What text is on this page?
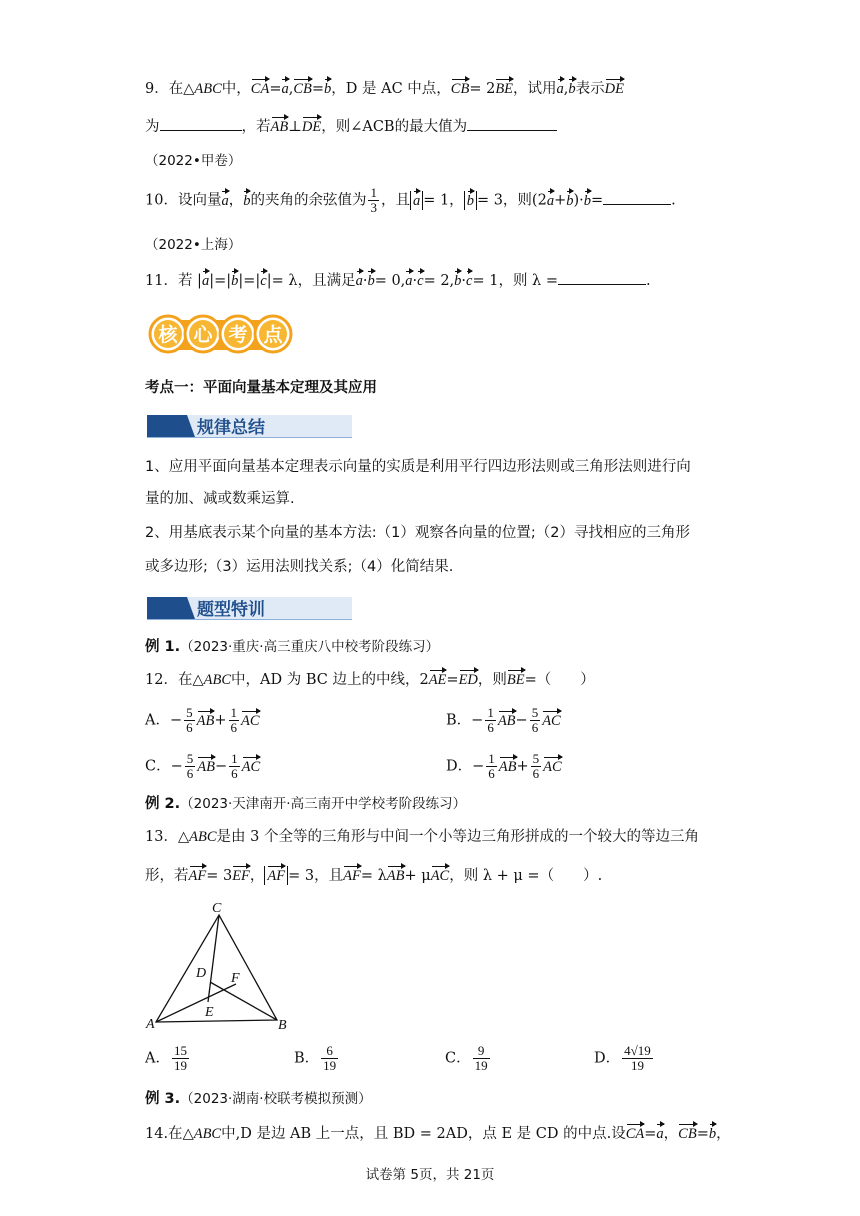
9．在△ABC中，CA=a,CB=b，D 是 AC 中点，CB= 2BE，试用a,b表示DE
为	，若AB⊥DE，则∠ACB的最大值为
（2022•甲卷）
10．设向量a，b的夹角的余弦值为 $\frac{1}{3}$ ，且 a = 1， b = 3，则(2a+b)·b=	.
（2022•上海）
11．若 |a|=|b|=|c|= λ，且满足a·b= 0,a·c= 2,b·c= 1，则 λ =	.
核 心 考 点
考点一：平面向量基本定理及其应用
规律总结
1、应用平面向量基本定理表示向量的实质是利用平行四边形法则或三角形法则进行向
量的加、减或数乘运算.
2、用基底表示某个向量的基本方法:（1）观察各向量的位置;（2）寻找相应的三角形
或多边形;（3）运用法则找关系;（4）化简结果.
题型特训
例 1.（2023·重庆·高三重庆八中校考阶段练习）
12．在△ABC中，AD 为 BC 边上的中线，2AE=ED，则BE=（　　）
A．− $\frac{5}{6} AB+ \frac{1}{6}$ AC	B．− $\frac{1}{6} AB- \frac{5}{6}$ AC
C．− $\frac{5}{6} AB- \frac{1}{6}$ AC	D．− $\frac{1}{6} AB+ \frac{5}{6}$ AC
例 2.（2023·天津南开·高三南开中学校考阶段练习）
13．△ABC是由 3 个全等的三角形与中间一个小等边三角形拼成的一个较大的等边三角
形，若AF= 3EF， AF = 3，且AF= λAB+ μAC，则 λ + μ =（　　）.
C
A	B
D F
E
A． $\frac{15}{19}$	B． $\frac{6}{19}$	C． $\frac{9}{19}$	D． $\frac{4√19}{19}$
例 3.（2023·湖南·校联考模拟预测）
14.在△ABC中,D 是边 AB 上一点，且 BD = 2AD，点 E 是 CD 的中点.设CA=a，CB=b，
试卷第 5页，共 21页
